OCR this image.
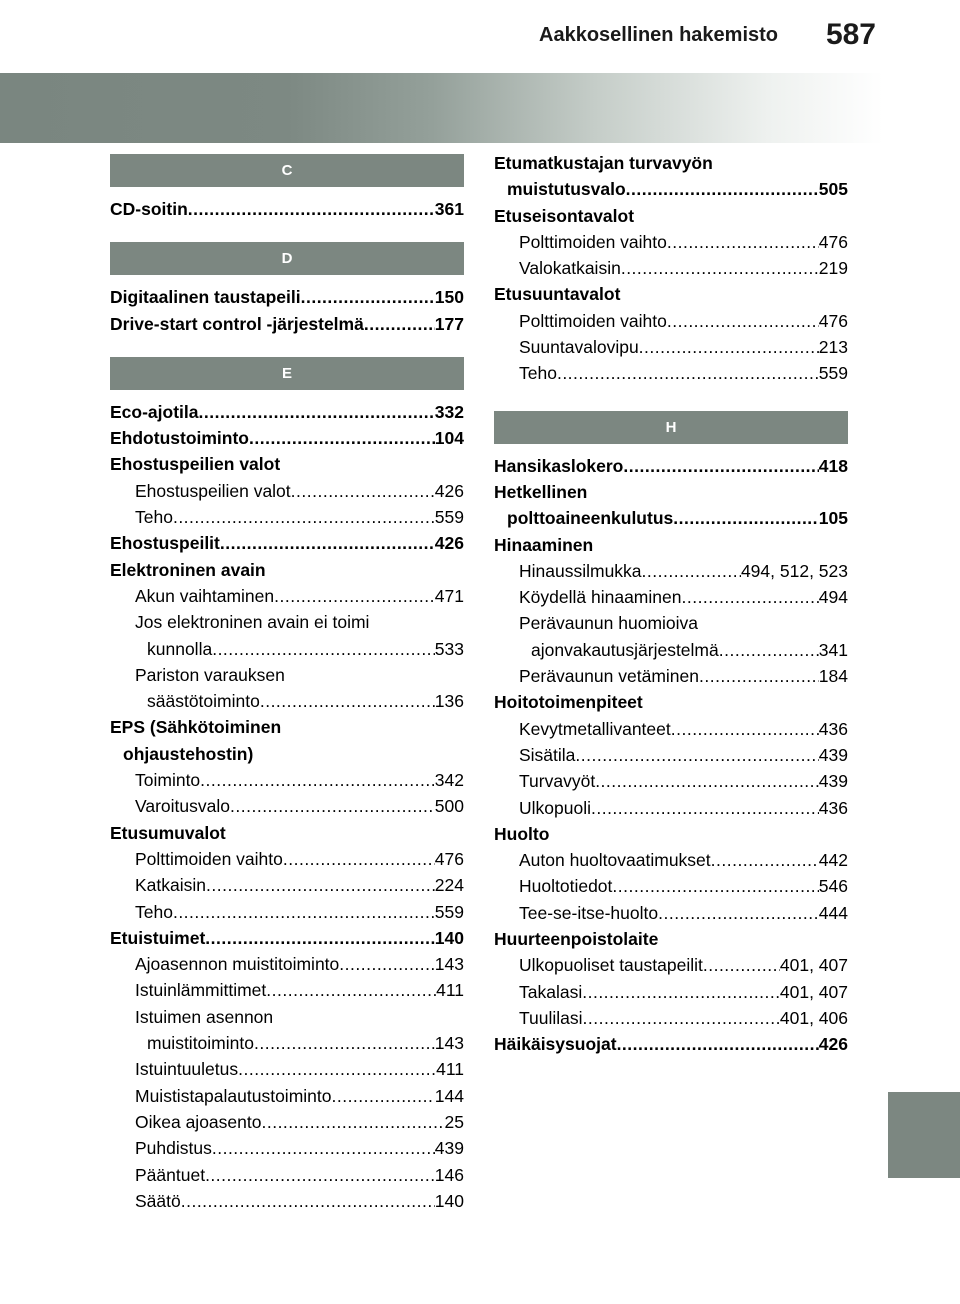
Aakkosellinen hakemisto 587
C
CD-soitin .....	361
D
Digitaalinen taustapeili .....	150
Drive-start control -järjestelmä .....	177
E
Eco-ajotila .....	332
Ehdotustoiminto .....	104
Ehostuspeilien valot
Ehostuspeilien valot .....	426
Teho .....	559
Ehostuspeilit .....	426
Elektroninen avain
Akun vaihtaminen .....	471
Jos elektroninen avain ei toimi
kunnolla .....	533
Pariston varauksen
säästötoiminto .....	136
EPS (Sähkötoiminen
ohjaustehostin)
Toiminto .....	342
Varoitusvalo .....	500
Etusumuvalot
Polttimoiden vaihto .....	476
Katkaisin .....	224
Teho .....	559
Etuistuimet .....	140
Ajoasennon muistitoiminto .....	143
Istuinlämmittimet .....	411
Istuimen asennon
muistitoiminto .....	143
Istuintuuletus .....	411
Muististapalautustoiminto .....	144
Oikea ajoasento .....	25
Puhdistus .....	439
Pääntuet .....	146
Säätö .....	140
Etumatkustajan turvavyön
muistutusvalo .....	505
Etuseisontavalot
Polttimoiden vaihto .....	476
Valokatkaisin .....	219
Etusuuntavalot
Polttimoiden vaihto .....	476
Suuntavalovipu .....	213
Teho .....	559
H
Hansikaslokero .....	418
Hetkellinen
polttoaineenkulutus .....	105
Hinaaminen
Hinaussilmukka .....	494, 512, 523
Köydellä hinaaminen .....	494
Perävaunun huomioiva
ajonvakautusjärjestelmä .....	341
Perävaunun vetäminen .....	184
Hoitotoimenpiteet
Kevytmetallivanteet .....	436
Sisätila .....	439
Turvavyöt .....	439
Ulkopuoli .....	436
Huolto
Auton huoltovaatimukset .....	442
Huoltotiedot .....	546
Tee-se-itse-huolto .....	444
Huurteenpoistolaite
Ulkopuoliset taustapeilit .....	401, 407
Takalasi .....	401, 407
Tuulilasi .....	401, 406
Häikäisysuojat .....	426
